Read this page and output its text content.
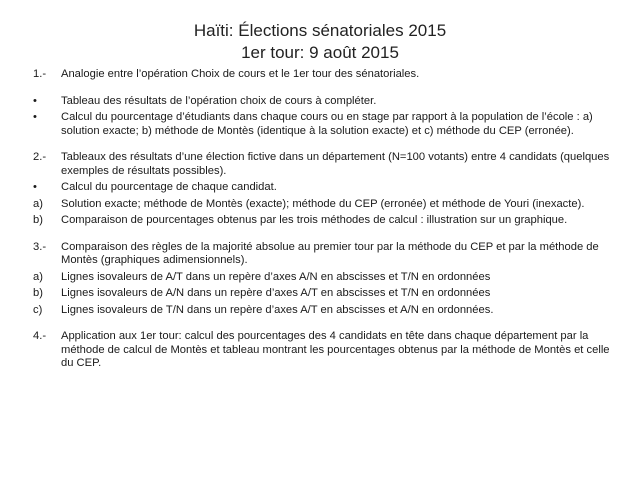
Haïti: Élections sénatoriales 2015
1er tour: 9 août 2015
1.- Analogie entre l’opération Choix de cours et le 1er tour des sénatoriales.
• Tableau des résultats de l’opération choix de cours à compléter.
• Calcul du pourcentage d’étudiants dans chaque cours ou en stage par rapport à la population de l’école : a) solution exacte; b) méthode de Montès (identique à la solution exacte) et c) méthode du CEP (erronée).
2.- Tableaux des résultats d’une élection fictive dans un département (N=100 votants) entre 4 candidats (quelques exemples de résultats possibles).
• Calcul du pourcentage de chaque candidat.
a) Solution exacte; méthode de Montès (exacte); méthode du CEP (erronée) et méthode de Youri (inexacte).
b) Comparaison de pourcentages obtenus par les trois méthodes de calcul : illustration sur un graphique.
3.- Comparaison des règles de la majorité absolue au premier tour par la méthode du CEP et par la méthode de Montès (graphiques adimensionnels).
a) Lignes isovaleurs de A/T dans un repère d’axes A/N en abscisses et T/N en ordonnées
b) Lignes isovaleurs de A/N dans un repère d’axes A/T en abscisses et T/N en ordonnées
c) Lignes isovaleurs de T/N dans un repère d’axes A/T en abscisses et A/N en ordonnées.
4.- Application aux 1er tour: calcul des pourcentages des 4 candidats en tête dans chaque département par la méthode de calcul de Montès et tableau montrant les pourcentages obtenus par la méthode de Montès et celle du CEP.
